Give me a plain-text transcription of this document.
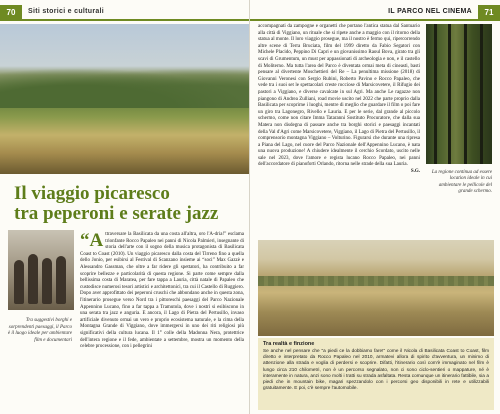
70	Siti storici e culturali
Il viaggio picaresco
tra peperoni e serate jazz
Tra suggestivi borghi e sorprendenti paesaggi, il Parco è il luogo ideale per ambientare film e documentari
“A ttraversare la Basilicata da una costa all'altra, oro l'A-dria!” esclama trionfante Rocco Papaleo nei panni di Nicola Palmieri, insegnante di storia dell'arte con il sogno della musica protagonista di Basilicata Coast to Coast (2010). Un viaggio picaresco dalla costa del Tirreno fino a quella dello Jonio, per esibirsi al Festival di Scanzano insieme ai “soci” Max Gazzè e Alessandro Gassman, che oltre a far ridere gli spettatori, ha contribuito a far scoprire bellezze e particolarità di questa regione. Si parte come sempre dalla bellissima costa di Maratea, per fare tappa a Lauria, città natale di Papaleo che custodisce numerosi tesori artistici e architettonici, tra cui il Castello di Ruggiero. Dopo aver approfittato dei peperoni cruschi che abbondano anche in questa zona, l'itinerario prosegue verso Nord tra i pittoreschi paesaggi del Parco Nazionale Appennino Lucano, fino a far tappa a Tramutola, dove i nostri si esibiscono in una serata tra jazz e anguria. E ancora, il Lago di Pietra del Pertusillo, invaso artificiale divenuto ormai un vero e proprio ecosistema naturale, e la cima della Montagna Grande di Viggiano, dove immergersi in uno dei riti religiosi più significativi della cultura lucana. Il 1° colle della Madonna Nera, protettrice dell'intera regione e il fede, ambientate a settembre, mostra un momento della celebre processione, con i pellegrini

IL PARCO NEL CINEMA	71

accompagnati da zampogne e organetti che portano l'antica statua dal Santuario alla città di Viggiano, un rituale che si ripete anche a maggio con il ritorno della statua al monte. Il loro viaggio prosegue, ma il nostro è fermo qui, ripercorrendo altre scene di Terra Bruciata, film del 1999 diretto da Fabio Segatori con Michele Placido, Peppino Di Capri e un giovanissimo Raoul Bova, girato tra gli scavi di Grumentum, un must per appassionati di archeologia e non, e il castello di Moliterno. Ma tutta l'area del Parco è diventata ormai meta di cineasti, basti pensare al divertente Moschettieri del Re – La penultima missione (2018) di Giovanni Veronesi con Sergio Rubini, Roberto Pavino e Rocco Papaleo, che vede tra i suoi set le spettacolari creste rocciose di Marsicovetere, il Rifugio dei pastori a Viggiano, e diverse cavalcate in sul Agri. Ma anche Le ragazze non piangono di Andrea Zulliani, road movie uscito nel 2022 che parte proprio dalla Basilicata per scoprirne i luoghi, mentre di meglio che guardare il film o poi fare un giro tra Lagonegro, Rivello e Lauria. E per le serie, dal grande al piccolo schermo, come non citare Imma Tataranni Sostituto Procuratore, che dalla sua Matera non disdegna di passare anche tra borghi storici e paesaggi incantati della Val d'Agri come Marsicovetere, Viggiano, il Lago di Pietra del Pertusillo, il comprensorio montagna Viggiano – Volturino. Figurarsi che durante una ripresa a Piana del Lago, nel cuore del Parco Nazionale dell'Appennino Lucano, è nata una nuova produzione! A chiudere idealmente il cerchio Scordato, uscito nelle sale nel 2023, dove l'amore e regista lucano Rocco Papaleo, nei panni dell'accordatore di pianoforti Orlando, ritorna nelle strade della sua Lauria.

S.G.	La regione continua ad essere location ideale in cui ambientare le pellicole del grande schermo.
Tra realtà e finzione
Se anche nel pensare che "a piedi ce la dobbiamo fare!" come il Nicola di Basilicata Coast to Coast, film diretto e interpretato da Rocco Papaleo nel 2010, armatevi allora di spirito d'avventura, un minimo di attenzione alla strada e voglia di perdersi e scoprire. Difatti, l'itinerario così com'è immaginato nel film è lungo circa 210 chilometri, non è un percorso segnalato, non ci sono ciclo-sentieri o mappature, né è interamente in natura, anzi sono molti i tratti su strada asfaltata. Resta comunque un itinerario fattibile, sia a piedi che in mountain bike, magari spezzandolo con i percorsi geo disponibili in rete e utilizzabili gratuitamente. E poi, c'è sempre l'automobile.
